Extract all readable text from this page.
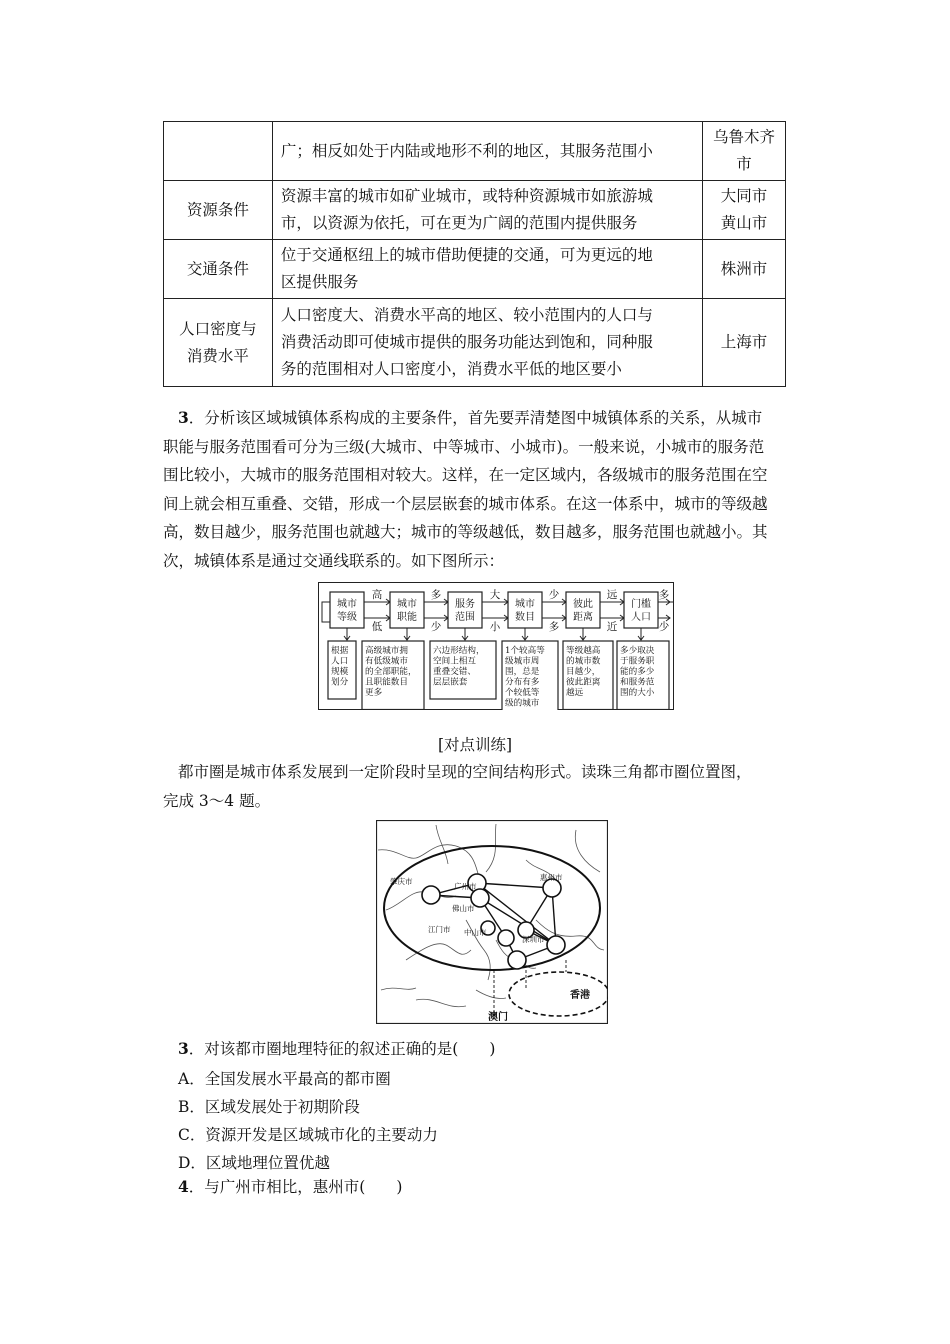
	广；相反如处于内陆或地形不利的地区，其服务范围小	乌鲁木齐
市

资源条件	资源丰富的城市如矿业城市，或特种资源城市如旅游城
市，以资源为依托，可在更为广阔的范围内提供服务	大同市
黄山市

交通条件	位于交通枢纽上的城市借助便捷的交通，可为更远的地
区提供服务	株洲市

人口密度与
消费水平	人口密度大、消费水平高的地区、较小范围内的人口与
消费活动即可使城市提供的服务功能达到饱和，同种服
务的范围相对人口密度小，消费水平低的地区要小	上海市
3．分析该区域城镇体系构成的主要条件，首先要弄清楚图中城镇体系的关系，从城市
职能与服务范围看可分为三级(大城市、中等城市、小城市)。一般来说，小城市的服务范
围比较小，大城市的服务范围相对较大。这样，在一定区域内，各级城市的服务范围在空
间上就会相互重叠、交错，形成一个层层嵌套的城市体系。在这一体系中，城市的等级越
高，数目越少，服务范围也就越大；城市的等级越低，数目越多，服务范围也就越小。其
次，城镇体系是通过交通线联系的。如下图所示：
城市
等级
高
低
城市
职能
多
少
服务
范围
大
小
城市
数目
少
多
彼此
距离
远
近
门槛
人口
多
少
根据
人口
规模
划分
高级城市拥
有低级城市
的全部职能，
且职能数目
更多
六边形结构，
空间上相互
重叠交错、
层层嵌套
1个较高等
级城市周
围，总是
分布有多
个较低等
级的城市
等级越高
的城市数
目越少，
彼此距离
越远
多少取决
于服务职
能的多少
和服务范
围的大小
[对点训练]
都市圈是城市体系发展到一定阶段时呈现的空间结构形式。读珠三角都市圈位置图，
完成 3～4 题。
肇庆市
广州市
惠州市
佛山市
江门市 中山市
深圳市
香港
澳门
3．对该都市圈地理特征的叙述正确的是(　　)
A．全国发展水平最高的都市圈
B．区域发展处于初期阶段
C．资源开发是区域城市化的主要动力
D．区域地理位置优越
4．与广州市相比，惠州市(　　)
